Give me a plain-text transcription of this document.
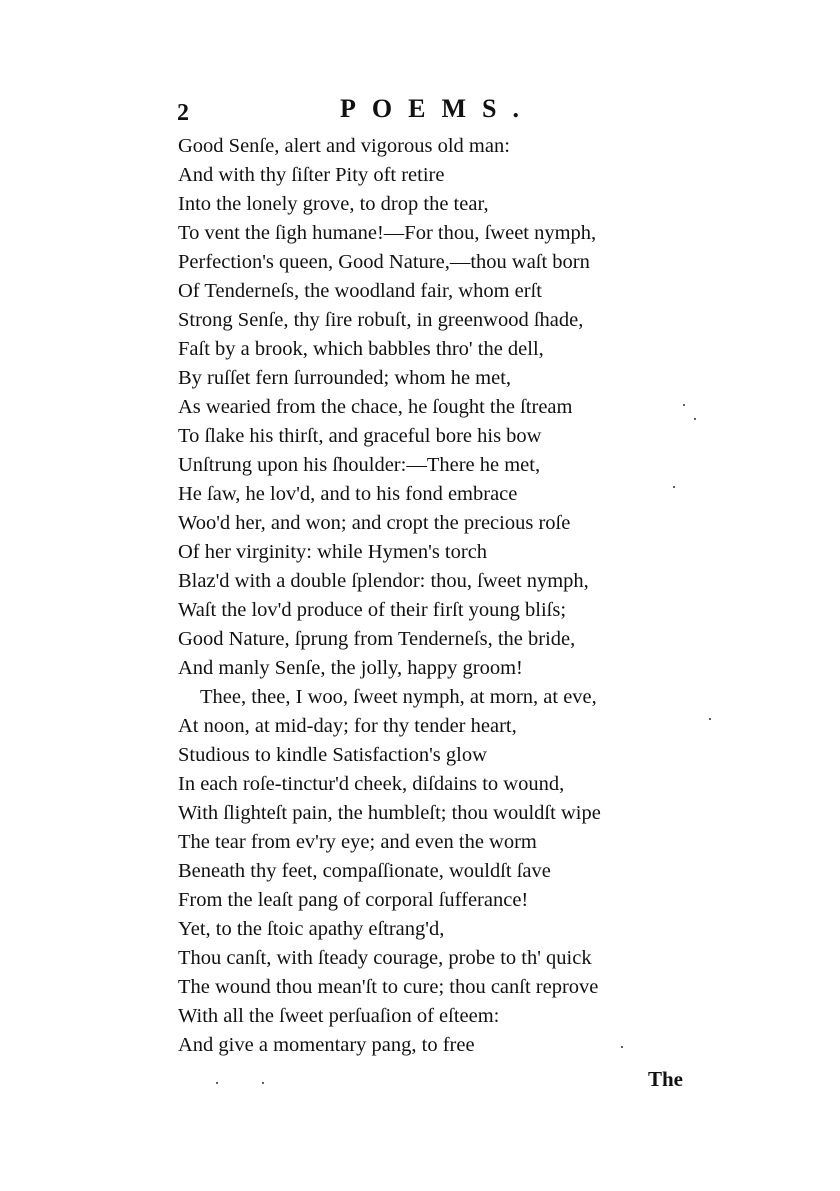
2	POEMS.
Good Senſe, alert and vigorous old man:
And with thy ſiſter Pity oft retire
Into the lonely grove, to drop the tear,
To vent the ſigh humane!—For thou, ſweet nymph,
Perfection's queen, Good Nature,—thou waſt born
Of Tenderneſs, the woodland fair, whom erſt
Strong Senſe, thy ſire robuſt, in greenwood ſhade,
Faſt by a brook, which babbles thro' the dell,
By ruſſet fern ſurrounded; whom he met,
As wearied from the chace, he ſought the ſtream
To ſlake his thirſt, and graceful bore his bow
Unſtrung upon his ſhoulder:—There he met,
He ſaw, he lov'd, and to his fond embrace
Woo'd her, and won; and cropt the precious roſe
Of her virginity: while Hymen's torch
Blaz'd with a double ſplendor: thou, ſweet nymph,
Waſt the lov'd produce of their firſt young bliſs;
Good Nature, ſprung from Tenderneſs, the bride,
And manly Senſe, the jolly, happy groom!
Thee, thee, I woo, ſweet nymph, at morn, at eve,
At noon, at mid-day; for thy tender heart,
Studious to kindle Satisfaction's glow
In each roſe-tinctur'd cheek, diſdains to wound,
With ſlighteſt pain, the humbleſt; thou wouldſt wipe
The tear from ev'ry eye; and even the worm
Beneath thy feet, compaſſionate, wouldſt ſave
From the leaſt pang of corporal ſufferance!
Yet, to the ſtoic apathy eſtrang'd,
Thou canſt, with ſteady courage, probe to th' quick
The wound thou mean'ſt to cure; thou canſt reprove
With all the ſweet perſuaſion of eſteem:
And give a momentary pang, to free
The
